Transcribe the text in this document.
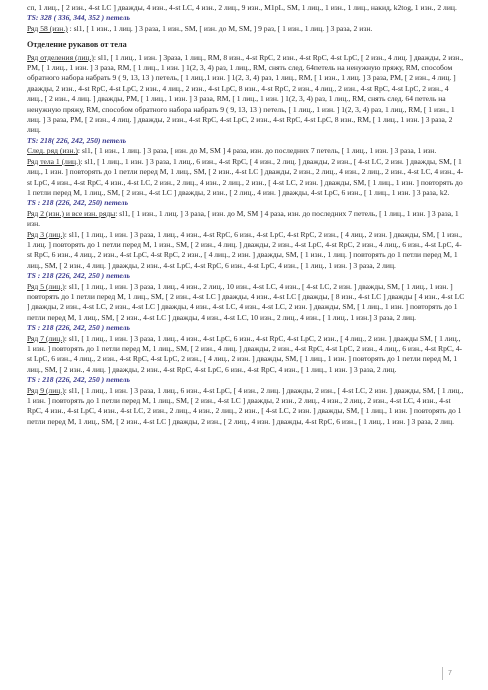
сп, 1 лиц., [ 2 изн., 4-st LC ] дважды, 4 изн., 4-st LC, 4 изн., 2 лиц., 9 изн., M1pL, SM, 1 лиц., 1 изн., 1 лиц., накид, k2tog, 1 изн., 2 лиц.

TS: 328 ( 336, 344, 352 ) петель

Ряд 58 (изн.) : sl1, [ 1 изн., 1 лиц. ] 3 раза, 1 изн., SM, [ изн. до M, SM, ] 9 раз, [ 1 изн., 1 лиц. ] 3 раза, 2 изн.

Отделение рукавов от тела

Ряд отделения (лиц.): sl1, [ 1 лиц., 1 изн. ] 3раза, 1 лиц., RM, 8 изн., 4-st RpC, 2 изн., 4-st RpC, 4-st LpC, [ 2 изн., 4 лиц. ] дважды, 2 изн., PM, [ 1 лиц., 1 изн. ] 3 раза, RM, [ 1 лиц., 1 изн. ] 1(2, 3, 4) раз, 1 лиц., RM, снять след. 64петель на ненужную пряжу, RM, способом обратного набора набрать 9 ( 9, 13, 13 ) петель, [ 1 лиц.,1 изн. ] 1(2, 3, 4) раз, 1 лиц., RM, [ 1 изн., 1 лиц. ] 3 раза, PM, [ 2 изн., 4 лиц. ] дважды, 2 изн., 4-st RpC, 4-st LpC, 2 изн., 4 лиц., 2 изн., 4-st LpC, 8 изн., 4-st RpC, 2 изн., 4 лиц., 2 изн., 4-st RpC, 4-st LpC, 2 изн., 4 лиц., [ 2 изн., 4 лиц. ] дважды, PM, [ 1 лиц., 1 изн. ] 3 раза, RM, [ 1 лиц., 1 изн. ] 1(2, 3, 4) раз, 1 лиц., RM, снять след. 64 петель на ненужную пряжу, RM, способом обратного набора набрать 9 ( 9, 13, 13 ) петель, [ 1 лиц., 1 изн. ] 1(2, 3, 4) раз, 1 лиц., RM, [ 1 изн., 1 лиц. ] 3 раза, PM, [ 2 изн., 4 лиц. ] дважды, 2 изн., 4-st RpC, 4-st LpC, 2 изн., 4-st RpC, 4-st LpC, 8 изн., RM, [ 1 лиц., 1 изн. ] 3 раза, 2 лиц.

TS: 218( 226, 242, 250) петель

След. ряд (изн.): sl1, [ 1 изн., 1 лиц. ] 3 раза, [ изн. до M, SM ] 4 раза, изн. до последних 7 петель, [ 1 лиц., 1 изн. ] 3 раза, 1 изн.

Ряд тела 1 (лиц.): sl1, [ 1 лиц., 1 изн. ] 3 раза, 1 лиц., 6 изн., 4-st RpC, [ 4 изн., 2 лиц. ] дважды, 2 изн., [ 4-st LC, 2 изн. ] дважды, SM, [ 1 лиц., 1 изн. ] повторять до 1 петли перед M, 1 лиц., SM, [ 2 изн., 4-st LC ] дважды, 2 изн., 2 лиц., 4 изн., 2 лиц., 2 изн., 4-st LC, 4 изн., 4-st LpC, 4 изн., 4-st RpC, 4 изн., 4-st LC, 2 изн., 2 лиц., 4 изн., 2 лиц., 2 изн., [ 4-st LC, 2 изн. ] дважды, SM, [ 1 лиц., 1 изн. ] повторять до 1 петли перед M, 1 лиц., SM, [ 2 изн., 4-st LC ] дважды, 2 изн., [ 2 лиц., 4 изн. ] дважды, 4-st LpC, 6 изн., [ 1 лиц., 1 изн. ] 3 раза, k2.

TS : 218 (226, 242, 250) петель

Ряд 2 (изн.) и все изн. ряды: sl1, [ 1 изн., 1 лиц. ] 3 раза, [ изн. до M, SM ] 4 раза, изн. до последних 7 петель, [ 1 лиц., 1 изн. ] 3 раза, 1 изн.

Ряд 3 (лиц.): sl1, [ 1 лиц., 1 изн. ] 3 раза, 1 лиц., 4 изн., 4-st RpC, 6 изн., 4-st LpC, 4-st RpC, 2 изн., [ 4 лиц., 2 изн. ] дважды, SM, [ 1 изн., 1 лиц. ] повторять до 1 петли перед M, 1 изн., SM, [ 2 изн., 4 лиц. ] дважды, 2 изн., 4-st LpC, 4-st RpC, 2 изн., 4 лиц., 6 изн., 4-st LpC, 4-st RpC, 6 изн., 4 лиц., 2 изн., 4-st LpC, 4-st RpC, 2 изн., [ 4 лиц., 2 изн. ] дважды, SM, [ 1 изн., 1 лиц. ] повторять до 1 петли перед M, 1 лиц., SM, [ 2 изн., 4 лиц. ] дважды, 2 изн., 4-st LpC, 4-st RpC, 6 изн., 4-st LpC, 4 изн., [ 1 лиц., 1 изн. ] 3 раза, 2 лиц.

TS : 218 (226, 242, 250 ) петель

Ряд 5 (лиц.): sl1, [ 1 лиц., 1 изн. ] 3 раза, 1 лиц., 4 изн., 2 лиц., 10 изн., 4-st LC, 4 изн., [ 4-st LC, 2 изн. ] дважды, SM, [ 1 лиц., 1 изн. ] повторять до 1 петли перед M, 1 лиц., SM, [ 2 изн., 4-st LC ] дважды, 4 изн., 4-st LC [ дважды, [ 8 изн., 4-st LC ] дважды [ 4 изн., 4-st LC ] дважды, 2 изн., 4-st LC, 2 изн., 4-st LC ] дважды, 4 изн., 4-st LC, 4 изн., 4-st LC, 2 изн. ] дважды, SM, [ 1 лиц., 1 изн. ] повторять до 1 петли перед M, 1 лиц., SM, [ 2 изн., 4-st LC ] дважды, 4 изн., 4-st LC, 10 изн., 2 лиц., 4 изн., [ 1 лиц., 1 изн.] 3 раза, 2 лиц.

TS : 218 (226, 242, 250 ) петель

Ряд 7 (лиц.): sl1, [ 1 лиц., 1 изн. ] 3 раза, 1 лиц., 4 изн., 4-st LpC, 6 изн., 4-st RpC, 4-st LpC, 2 изн., [ 4 лиц., 2 изн. ] дважды SM, [ 1 лиц., 1 изн. ] повторять до 1 петли перед M, 1 лиц., SM, [ 2 изн., 4 лиц. ] дважды, 2 изн., 4-st RpC, 4-st LpC, 2 изн., 4 лиц., 6 изн., 4-st RpC, 4-st LpC, 6 изн., 4 лиц., 2 изн., 4-st RpC, 4-st LpC, 2 изн., [ 4 лиц., 2 изн. ] дважды, SM, [ 1 лиц., 1 изн. ] повторять до 1 петли перед M, 1 лиц., SM, [ 2 изн., 4 лиц. ] дважды, 2 изн., 4-st RpC, 4-st LpC, 6 изн., 4-st RpC, 4 изн., [ 1 лиц., 1 изн. ] 3 раза, 2 лиц.

TS : 218 (226, 242, 250 ) петель

Ряд 9 (лиц.): sl1, [ 1 лиц., 1 изн. ] 3 раза, 1 лиц., 6 изн., 4-st LpC, [ 4 изн., 2 лиц. ] дважды, 2 изн., [ 4-st LC, 2 изн. ] дважды, SM, [ 1 лиц., 1 изн. ] повторять до 1 петли перед M, 1 лиц., SM, [ 2 изн., 4-st LC ] дважды, 2 изн., 2 лиц., 4 изн., 2 лиц., 2 изн., 4-st LC, 4 изн., 4-st RpC, 4 изн., 4-st LpC, 4 изн., 4-st LC, 2 изн., 2 лиц., 4 изн., 2 лиц., 2 изн., [ 4-st LC, 2 изн. ] дважды, SM, [ 1 лиц., 1 изн. ] повторять до 1 петли перед M, 1 лиц., SM, [ 2 изн., 4-st LC ] дважды, 2 изн., [ 2 лиц., 4 изн. ] дважды, 4-st RpC, 6 изн., [ 1 лиц., 1 изн. ] 3 раза, 2 лиц.

7
